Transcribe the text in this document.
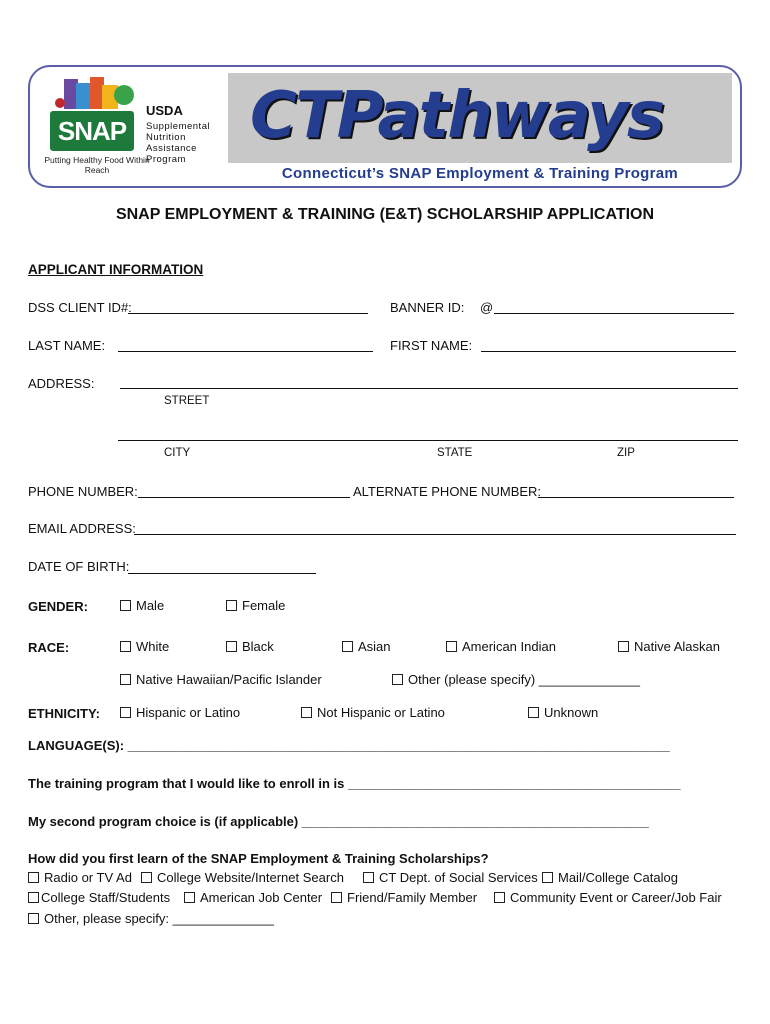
SNAP
Putting Healthy Food Within Reach
USDA
Supplemental
Nutrition
Assistance
Program
CTPathways
Connecticut’s SNAP Employment & Training Program
SNAP EMPLOYMENT & TRAINING (E&T) SCHOLARSHIP APPLICATION
APPLICANT INFORMATION
DSS CLIENT ID#:	BANNER ID: @
LAST NAME:	FIRST NAME:
ADDRESS:
STREET
CITY	STATE	ZIP
PHONE NUMBER:	ALTERNATE PHONE NUMBER:
EMAIL ADDRESS:
DATE OF BIRTH:
GENDER:	Male	Female
RACE:	White	Black	Asian	American Indian	Native Alaskan
Native Hawaiian/Pacific Islander	Other (please specify) ______________
ETHNICITY:	Hispanic or Latino	Not Hispanic or Latino	Unknown
LANGUAGE(S): ___________________________________________________________________________
The training program that I would like to enroll in is ______________________________________________
My second program choice is (if applicable) ________________________________________________
How did you first learn of the SNAP Employment & Training Scholarships?
Radio or TV Ad College Website/Internet Search	CT Dept. of Social Services Mail/College Catalog
College Staff/Students American Job Center Friend/Family Member	Community Event or Career/Job Fair
Other, please specify: ______________
